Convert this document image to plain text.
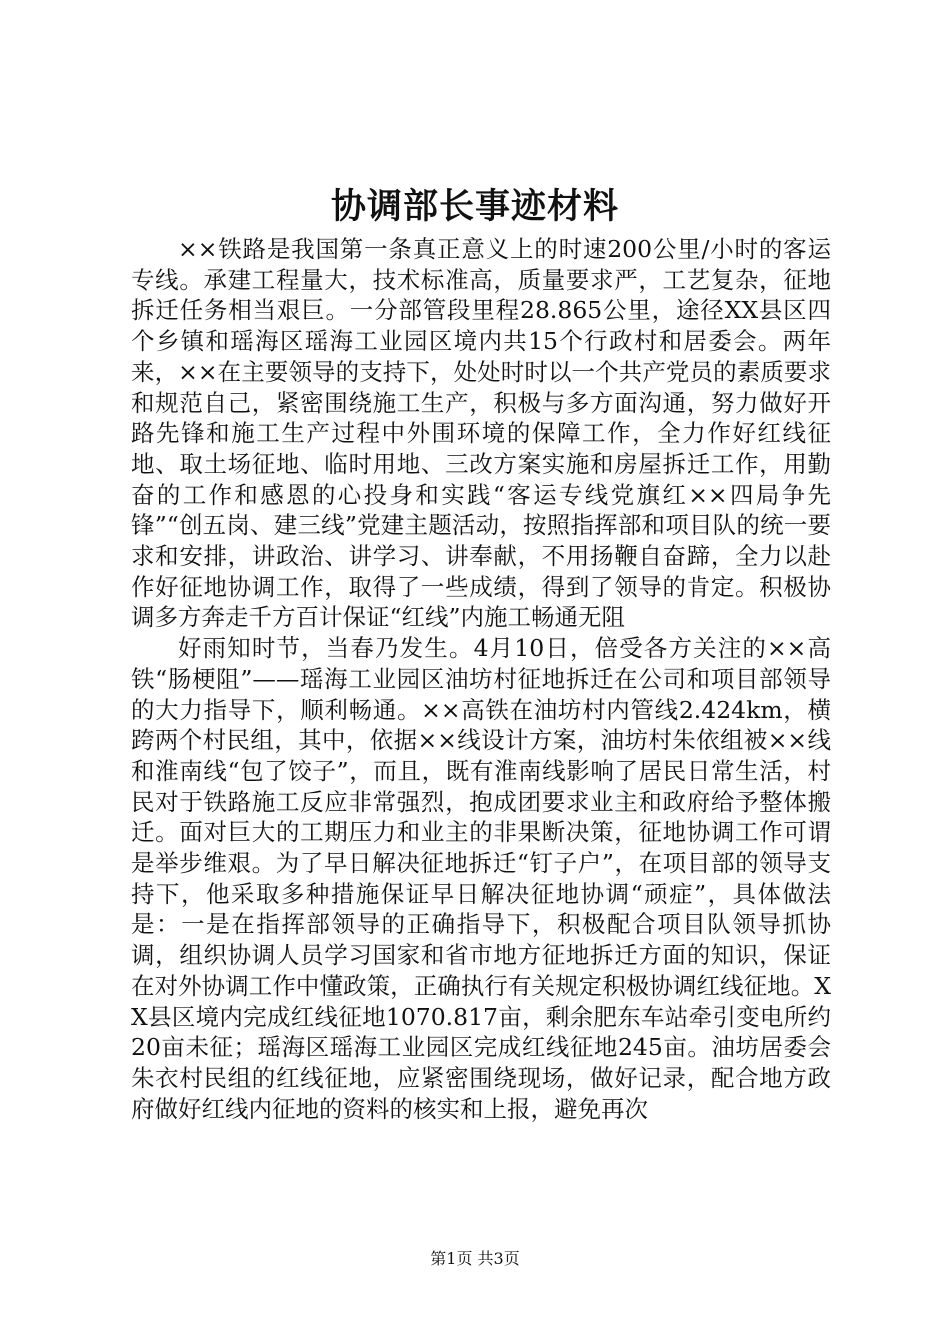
协调部长事迹材料

××铁路是我国第一条真正意义上的时速200公里/小时的客运专线。承建工程量大，技术标准高，质量要求严，工艺复杂，征地拆迁任务相当艰巨。一分部管段里程28.865公里，途径XX县区四个乡镇和瑶海区瑶海工业园区境内共15个行政村和居委会。两年来，××在主要领导的支持下，处处时时以一个共产党员的素质要求和规范自己，紧密围绕施工生产，积极与多方面沟通，努力做好开路先锋和施工生产过程中外围环境的保障工作，全力作好红线征地、取土场征地、临时用地、三改方案实施和房屋拆迁工作，用勤奋的工作和感恩的心投身和实践“客运专线党旗红××四局争先锋”“创五岗、建三线”党建主题活动，按照指挥部和项目队的统一要求和安排，讲政治、讲学习、讲奉献，不用扬鞭自奋蹄，全力以赴作好征地协调工作，取得了一些成绩，得到了领导的肯定。积极协调多方奔走千方百计保证“红线”内施工畅通无阻

好雨知时节，当春乃发生。4月10日，倍受各方关注的××高铁“肠梗阻”——瑶海工业园区油坊村征地拆迁在公司和项目部领导的大力指导下，顺利畅通。××高铁在油坊村内管线2.424km，横跨两个村民组，其中，依据××线设计方案，油坊村朱依组被××线和淮南线“包了饺子”，而且，既有淮南线影响了居民日常生活，村民对于铁路施工反应非常强烈，抱成团要求业主和政府给予整体搬迁。面对巨大的工期压力和业主的非果断决策，征地协调工作可谓是举步维艰。为了早日解决征地拆迁“钉子户”，在项目部的领导支持下，他采取多种措施保证早日解决征地协调“顽症”，具体做法是：一是在指挥部领导的正确指导下，积极配合项目队领导抓协调，组织协调人员学习国家和省市地方征地拆迁方面的知识，保证在对外协调工作中懂政策，正确执行有关规定积极协调红线征地。XX县区境内完成红线征地1070.817亩，剩余肥东车站牵引变电所约20亩未征；瑶海区瑶海工业园区完成红线征地245亩。油坊居委会朱衣村民组的红线征地，应紧密围绕现场，做好记录，配合地方政府做好红线内征地的资料的核实和上报，避免再次

第1页 共3页
